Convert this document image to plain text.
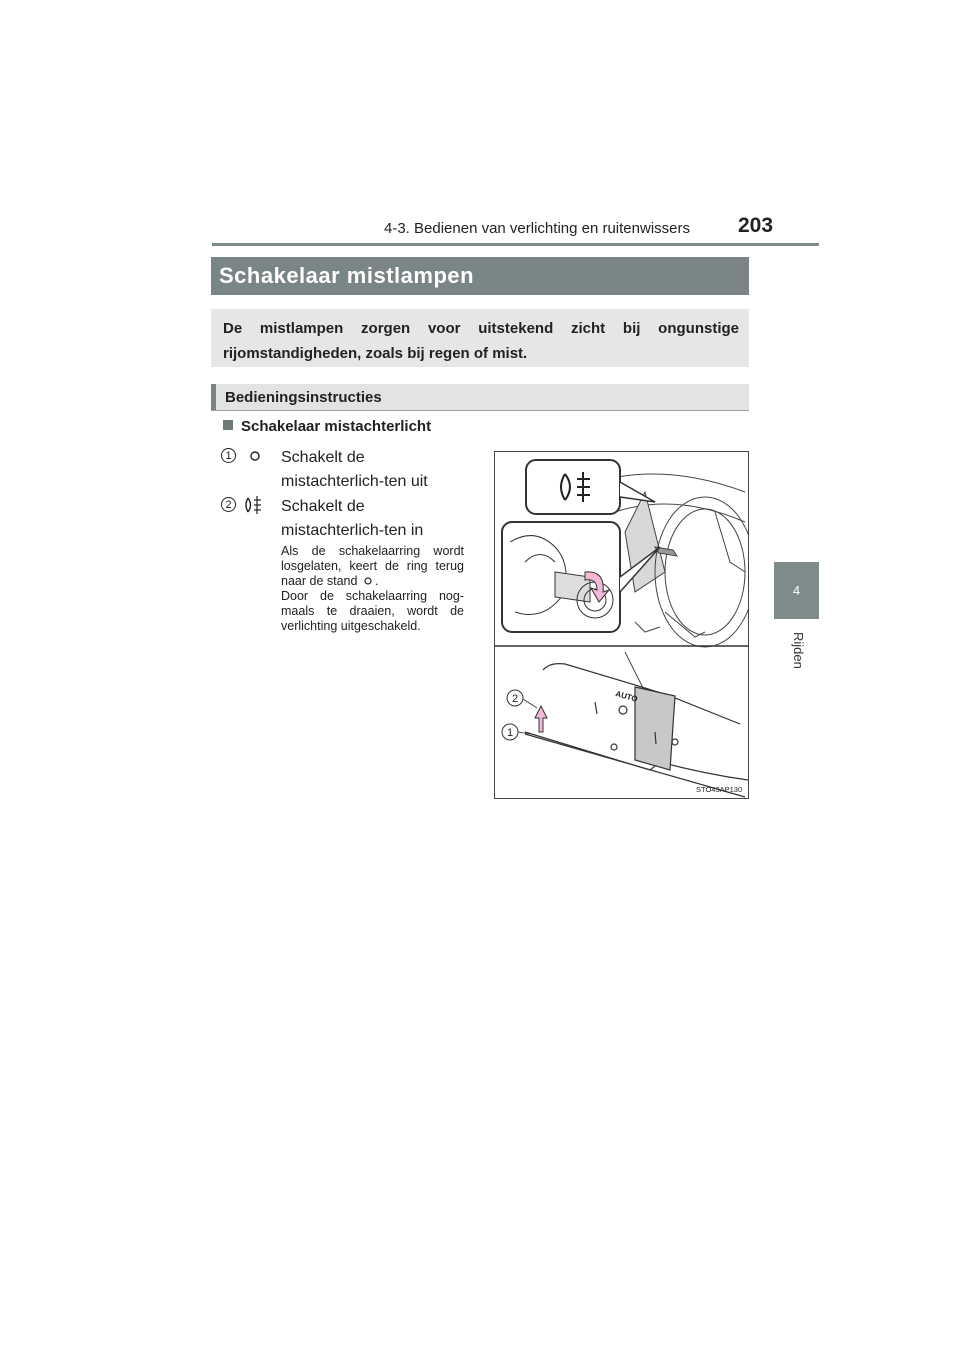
4-3. Bedienen van verlichting en ruitenwissers 203
4
Rijden
Schakelaar mistlampen
De mistlampen zorgen voor uitstekend zicht bij ongunstige rijomstandigheden, zoals bij regen of mist.
Bedieningsinstructies
Schakelaar mistachterlicht
1	Schakelt de mistachterlich-ten uit
2	Schakelt de mistachterlich-ten in
Als de schakelaarring wordt losgelaten, keert de ring terug naar de stand .
Door de schakelaarring nog-maals te draaien, wordt de verlichting uitgeschakeld.
AUTO
2
1
STO43AP130
